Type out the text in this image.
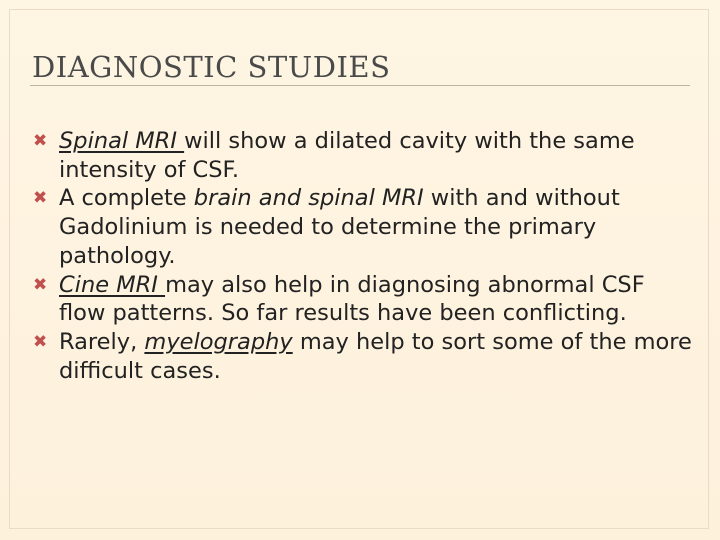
DIAGNOSTIC STUDIES
✖ Spinal MRI will show a dilated cavity with the same intensity of CSF.
✖ A complete brain and spinal MRI with and without Gadolinium is needed to determine the primary pathology.
✖ Cine MRI may also help in diagnosing abnormal CSF flow patterns. So far results have been conflicting.
✖ Rarely, myelography may help to sort some of the more difficult cases.
